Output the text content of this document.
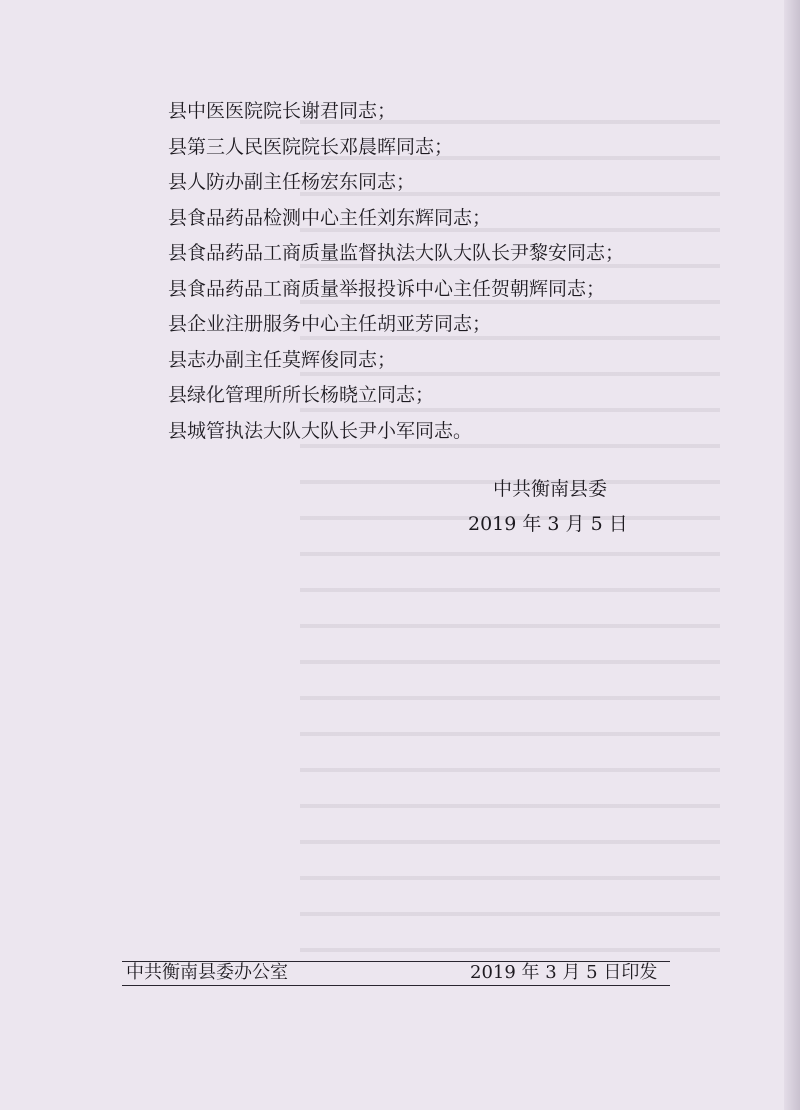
县中医医院院长谢君同志；
县第三人民医院院长邓晨晖同志；
县人防办副主任杨宏东同志；
县食品药品检测中心主任刘东辉同志；
县食品药品工商质量监督执法大队大队长尹黎安同志；
县食品药品工商质量举报投诉中心主任贺朝辉同志；
县企业注册服务中心主任胡亚芳同志；
县志办副主任莫辉俊同志；
县绿化管理所所长杨晓立同志；
县城管执法大队大队长尹小军同志。
中共衡南县委
2019 年 3 月 5 日
中共衡南县委办公室	2019 年 3 月 5 日印发
